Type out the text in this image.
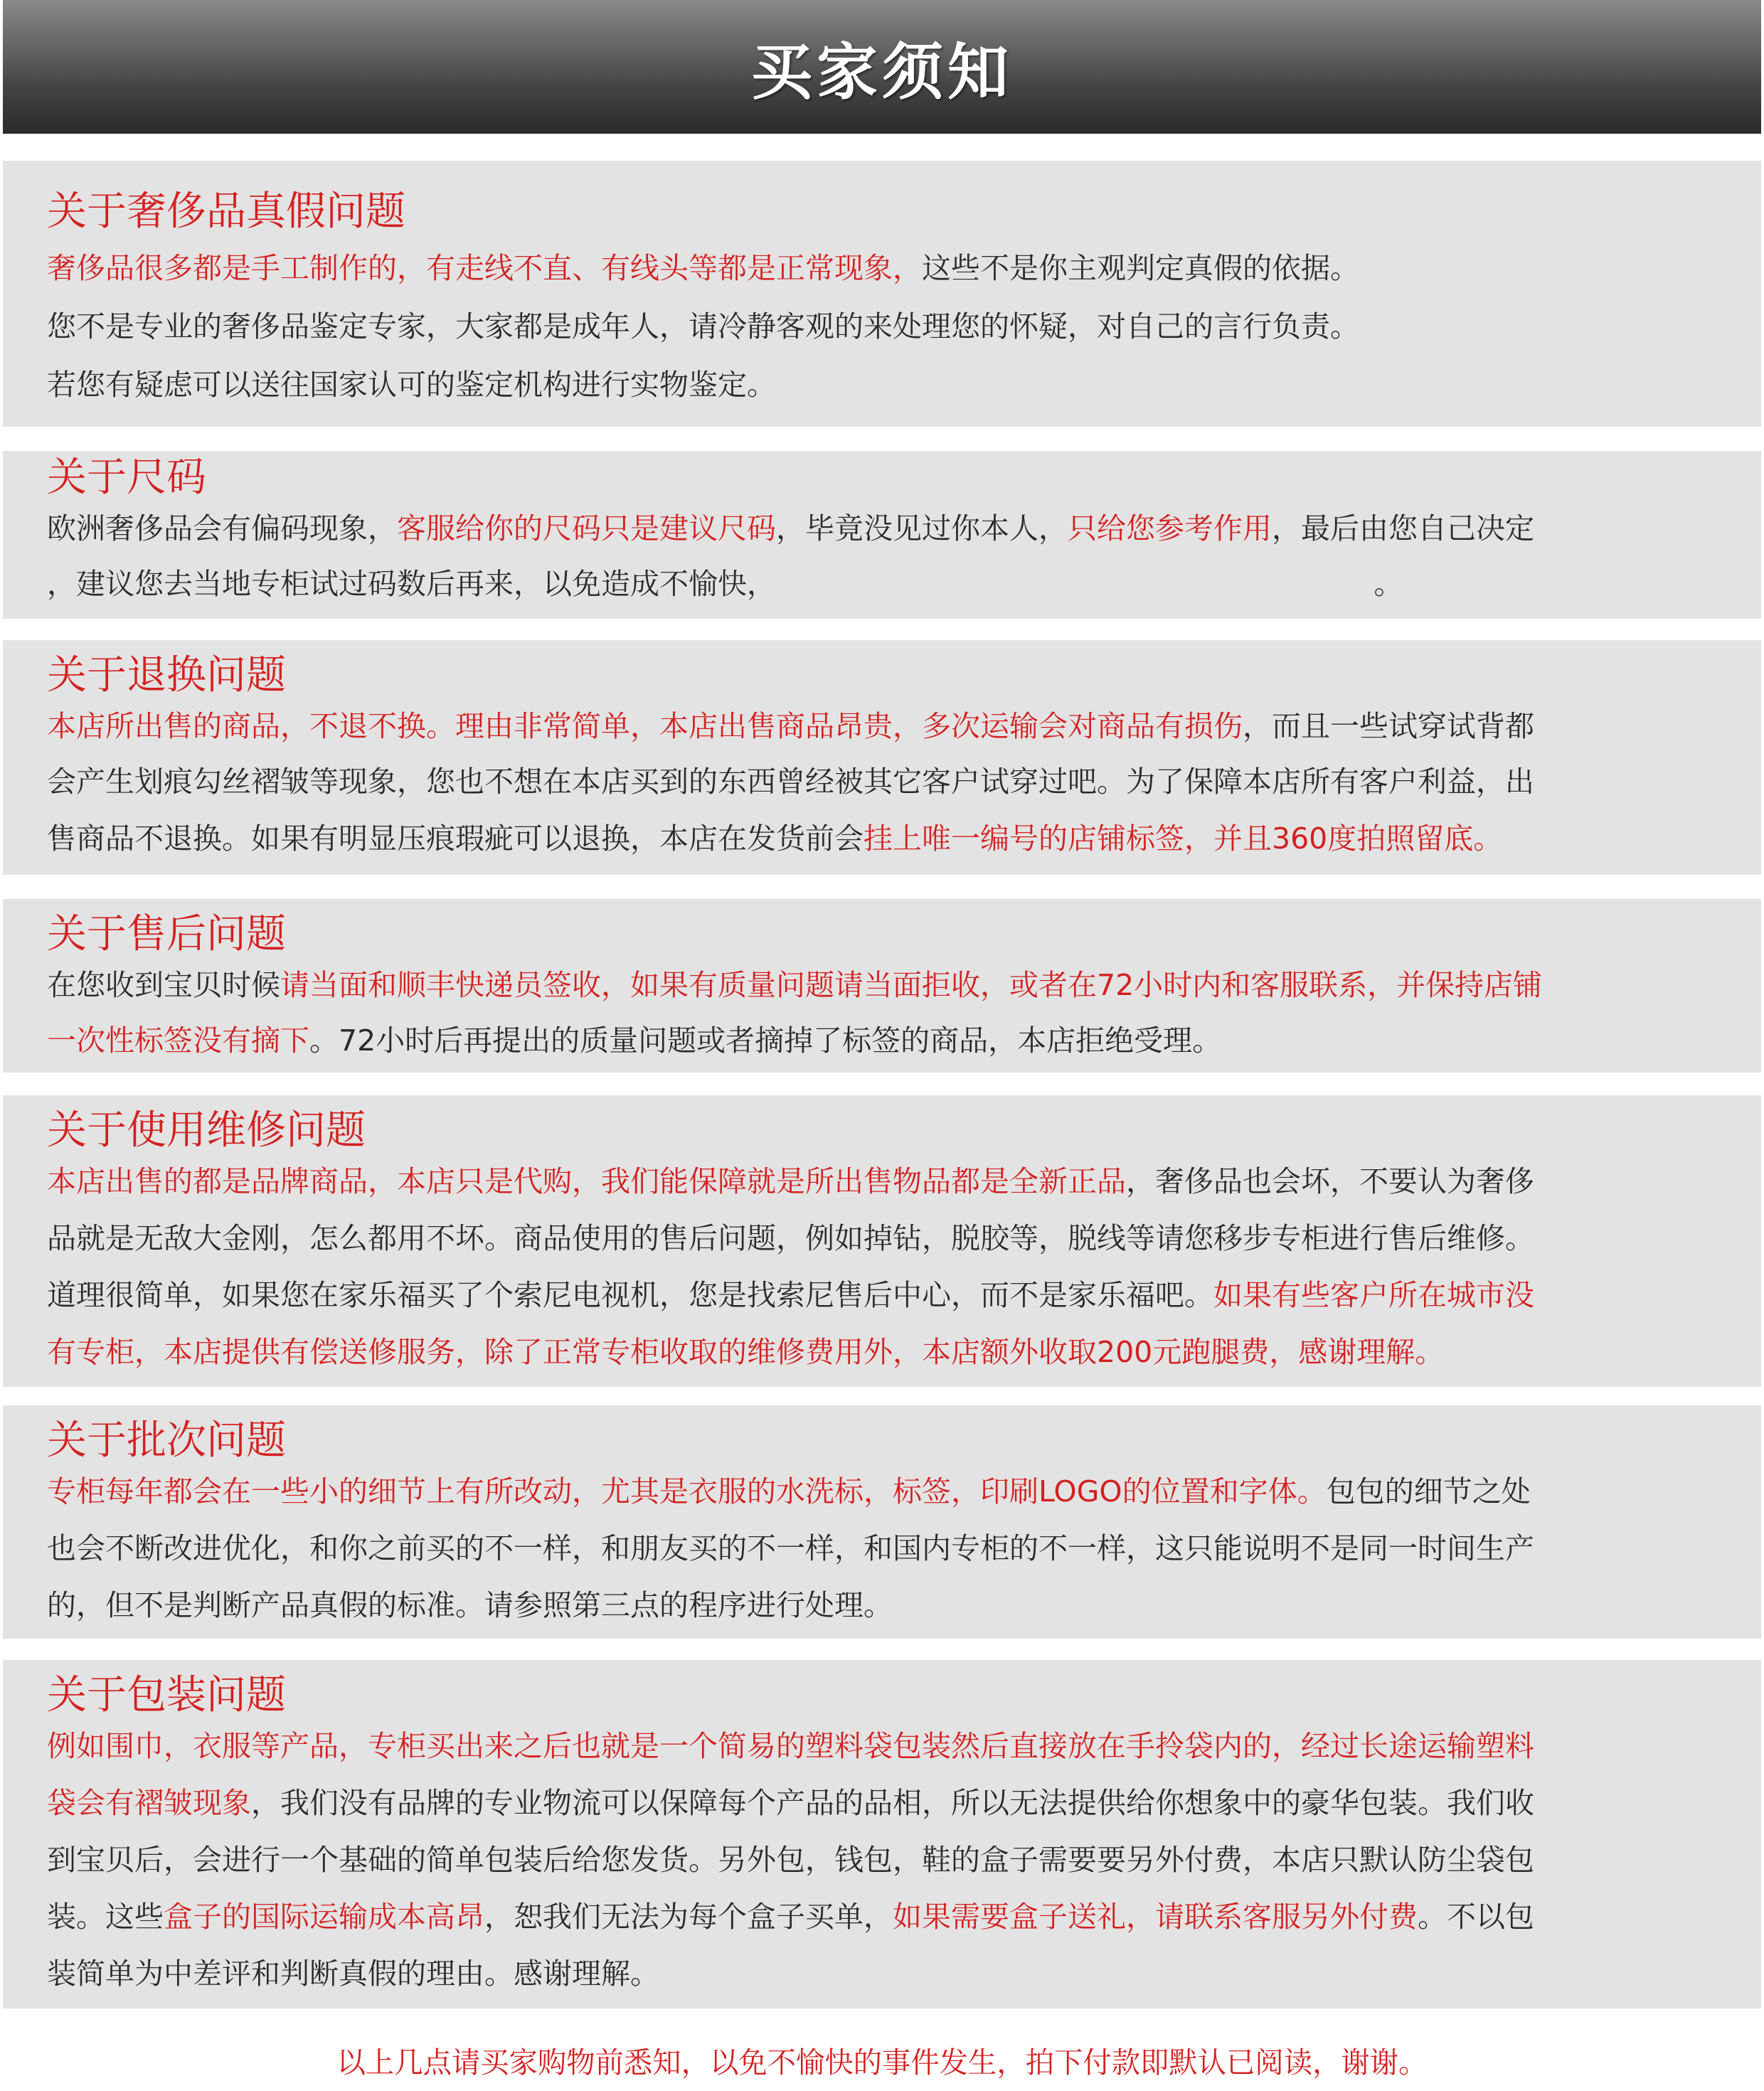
买家须知
关于奢侈品真假问题
奢侈品很多都是手工制作的，有走线不直、有线头等都是正常现象，这些不是你主观判定真假的依据。
您不是专业的奢侈品鉴定专家，大家都是成年人，请冷静客观的来处理您的怀疑，对自己的言行负责。
若您有疑虑可以送往国家认可的鉴定机构进行实物鉴定。
关于尺码
欧洲奢侈品会有偏码现象，客服给你的尺码只是建议尺码，毕竟没见过你本人，只给您参考作用，最后由您自己决定
，建议您去当地专柜试过码数后再来，以免造成不愉快，　　　　　　　　　　　　　　　　　　　　　。
关于退换问题
本店所出售的商品，不退不换。理由非常简单，本店出售商品昂贵，多次运输会对商品有损伤，而且一些试穿试背都
会产生划痕勾丝褶皱等现象，您也不想在本店买到的东西曾经被其它客户试穿过吧。为了保障本店所有客户利益，出
售商品不退换。如果有明显压痕瑕疵可以退换，本店在发货前会挂上唯一编号的店铺标签，并且360度拍照留底。
关于售后问题
在您收到宝贝时候请当面和顺丰快递员签收，如果有质量问题请当面拒收，或者在72小时内和客服联系，并保持店铺
一次性标签没有摘下。72小时后再提出的质量问题或者摘掉了标签的商品，本店拒绝受理。
关于使用维修问题
本店出售的都是品牌商品，本店只是代购，我们能保障就是所出售物品都是全新正品，奢侈品也会坏，不要认为奢侈
品就是无敌大金刚，怎么都用不坏。商品使用的售后问题，例如掉钻，脱胶等，脱线等请您移步专柜进行售后维修。
道理很简单，如果您在家乐福买了个索尼电视机，您是找索尼售后中心，而不是家乐福吧。如果有些客户所在城市没
有专柜，本店提供有偿送修服务，除了正常专柜收取的维修费用外，本店额外收取200元跑腿费，感谢理解。
关于批次问题
专柜每年都会在一些小的细节上有所改动，尤其是衣服的水洗标，标签，印刷LOGO的位置和字体。包包的细节之处
也会不断改进优化，和你之前买的不一样，和朋友买的不一样，和国内专柜的不一样，这只能说明不是同一时间生产
的，但不是判断产品真假的标准。请参照第三点的程序进行处理。
关于包装问题
例如围巾，衣服等产品，专柜买出来之后也就是一个简易的塑料袋包装然后直接放在手拎袋内的，经过长途运输塑料
袋会有褶皱现象，我们没有品牌的专业物流可以保障每个产品的品相，所以无法提供给你想象中的豪华包装。我们收
到宝贝后，会进行一个基础的简单包装后给您发货。另外包，钱包，鞋的盒子需要要另外付费，本店只默认防尘袋包
装。这些盒子的国际运输成本高昂，恕我们无法为每个盒子买单，如果需要盒子送礼，请联系客服另外付费。不以包
装简单为中差评和判断真假的理由。感谢理解。
以上几点请买家购物前悉知，以免不愉快的事件发生，拍下付款即默认已阅读，谢谢。
